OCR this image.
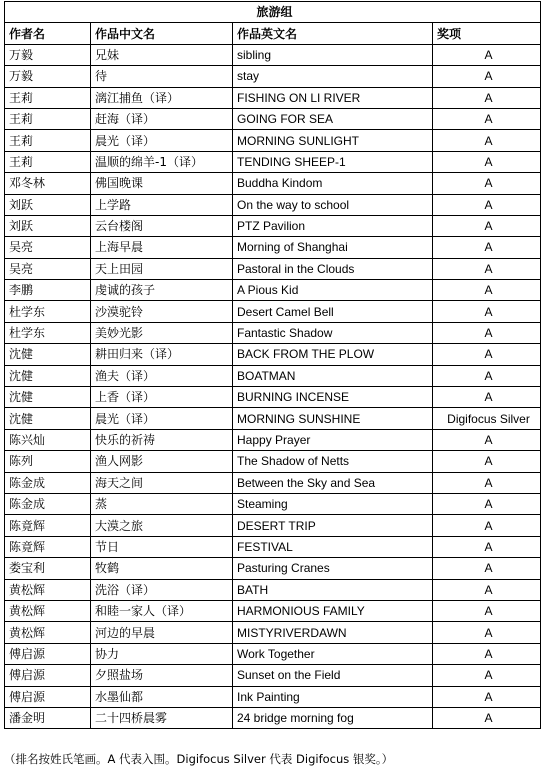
旅游组			
作者名	作品中文名	作品英文名	奖项
万毅	兄妹	sibling	A
万毅	待	stay	A
王莉	漓江捕鱼（译）	FISHING ON LI RIVER	A
王莉	赶海（译）	GOING FOR SEA	A
王莉	晨光（译）	MORNING SUNLIGHT	A
王莉	温顺的绵羊-1（译）	TENDING SHEEP-1	A
邓冬林	佛国晚课	Buddha Kindom	A
刘跃	上学路	On the way to school	A
刘跃	云台楼阁	PTZ Pavilion	A
吴亮	上海早晨	Morning of Shanghai	A
吴亮	天上田园	Pastoral in the Clouds	A
李鹏	虔诚的孩子	A Pious Kid	A
杜学东	沙漠驼铃	Desert Camel Bell	A
杜学东	美妙光影	Fantastic Shadow	A
沈健	耕田归来（译）	BACK FROM THE PLOW	A
沈健	渔夫（译）	BOATMAN	A
沈健	上香（译）	BURNING INCENSE	A
沈健	晨光（译）	MORNING SUNSHINE	Digifocus Silver
陈兴灿	快乐的祈祷	Happy Prayer	A
陈列	渔人网影	The Shadow of Netts	A
陈金成	海天之间	Between the Sky and Sea	A
陈金成	蒸	Steaming	A
陈竟辉	大漠之旅	DESERT TRIP	A
陈竟辉	节日	FESTIVAL	A
娄宝利	牧鹤	Pasturing Cranes	A
黄松辉	洗浴（译）	BATH	A
黄松辉	和睦一家人（译）	HARMONIOUS FAMILY	A
黄松辉	河边的早晨	MISTYRIVERDAWN	A
傅启源	协力	Work Together	A
傅启源	夕照盐场	Sunset on the Field	A
傅启源	水墨仙都	Ink Painting	A
潘金明	二十四桥晨雾	24 bridge morning fog	A
（排名按姓氏笔画。A 代表入围。Digifocus Silver 代表 Digifocus 银奖。）
